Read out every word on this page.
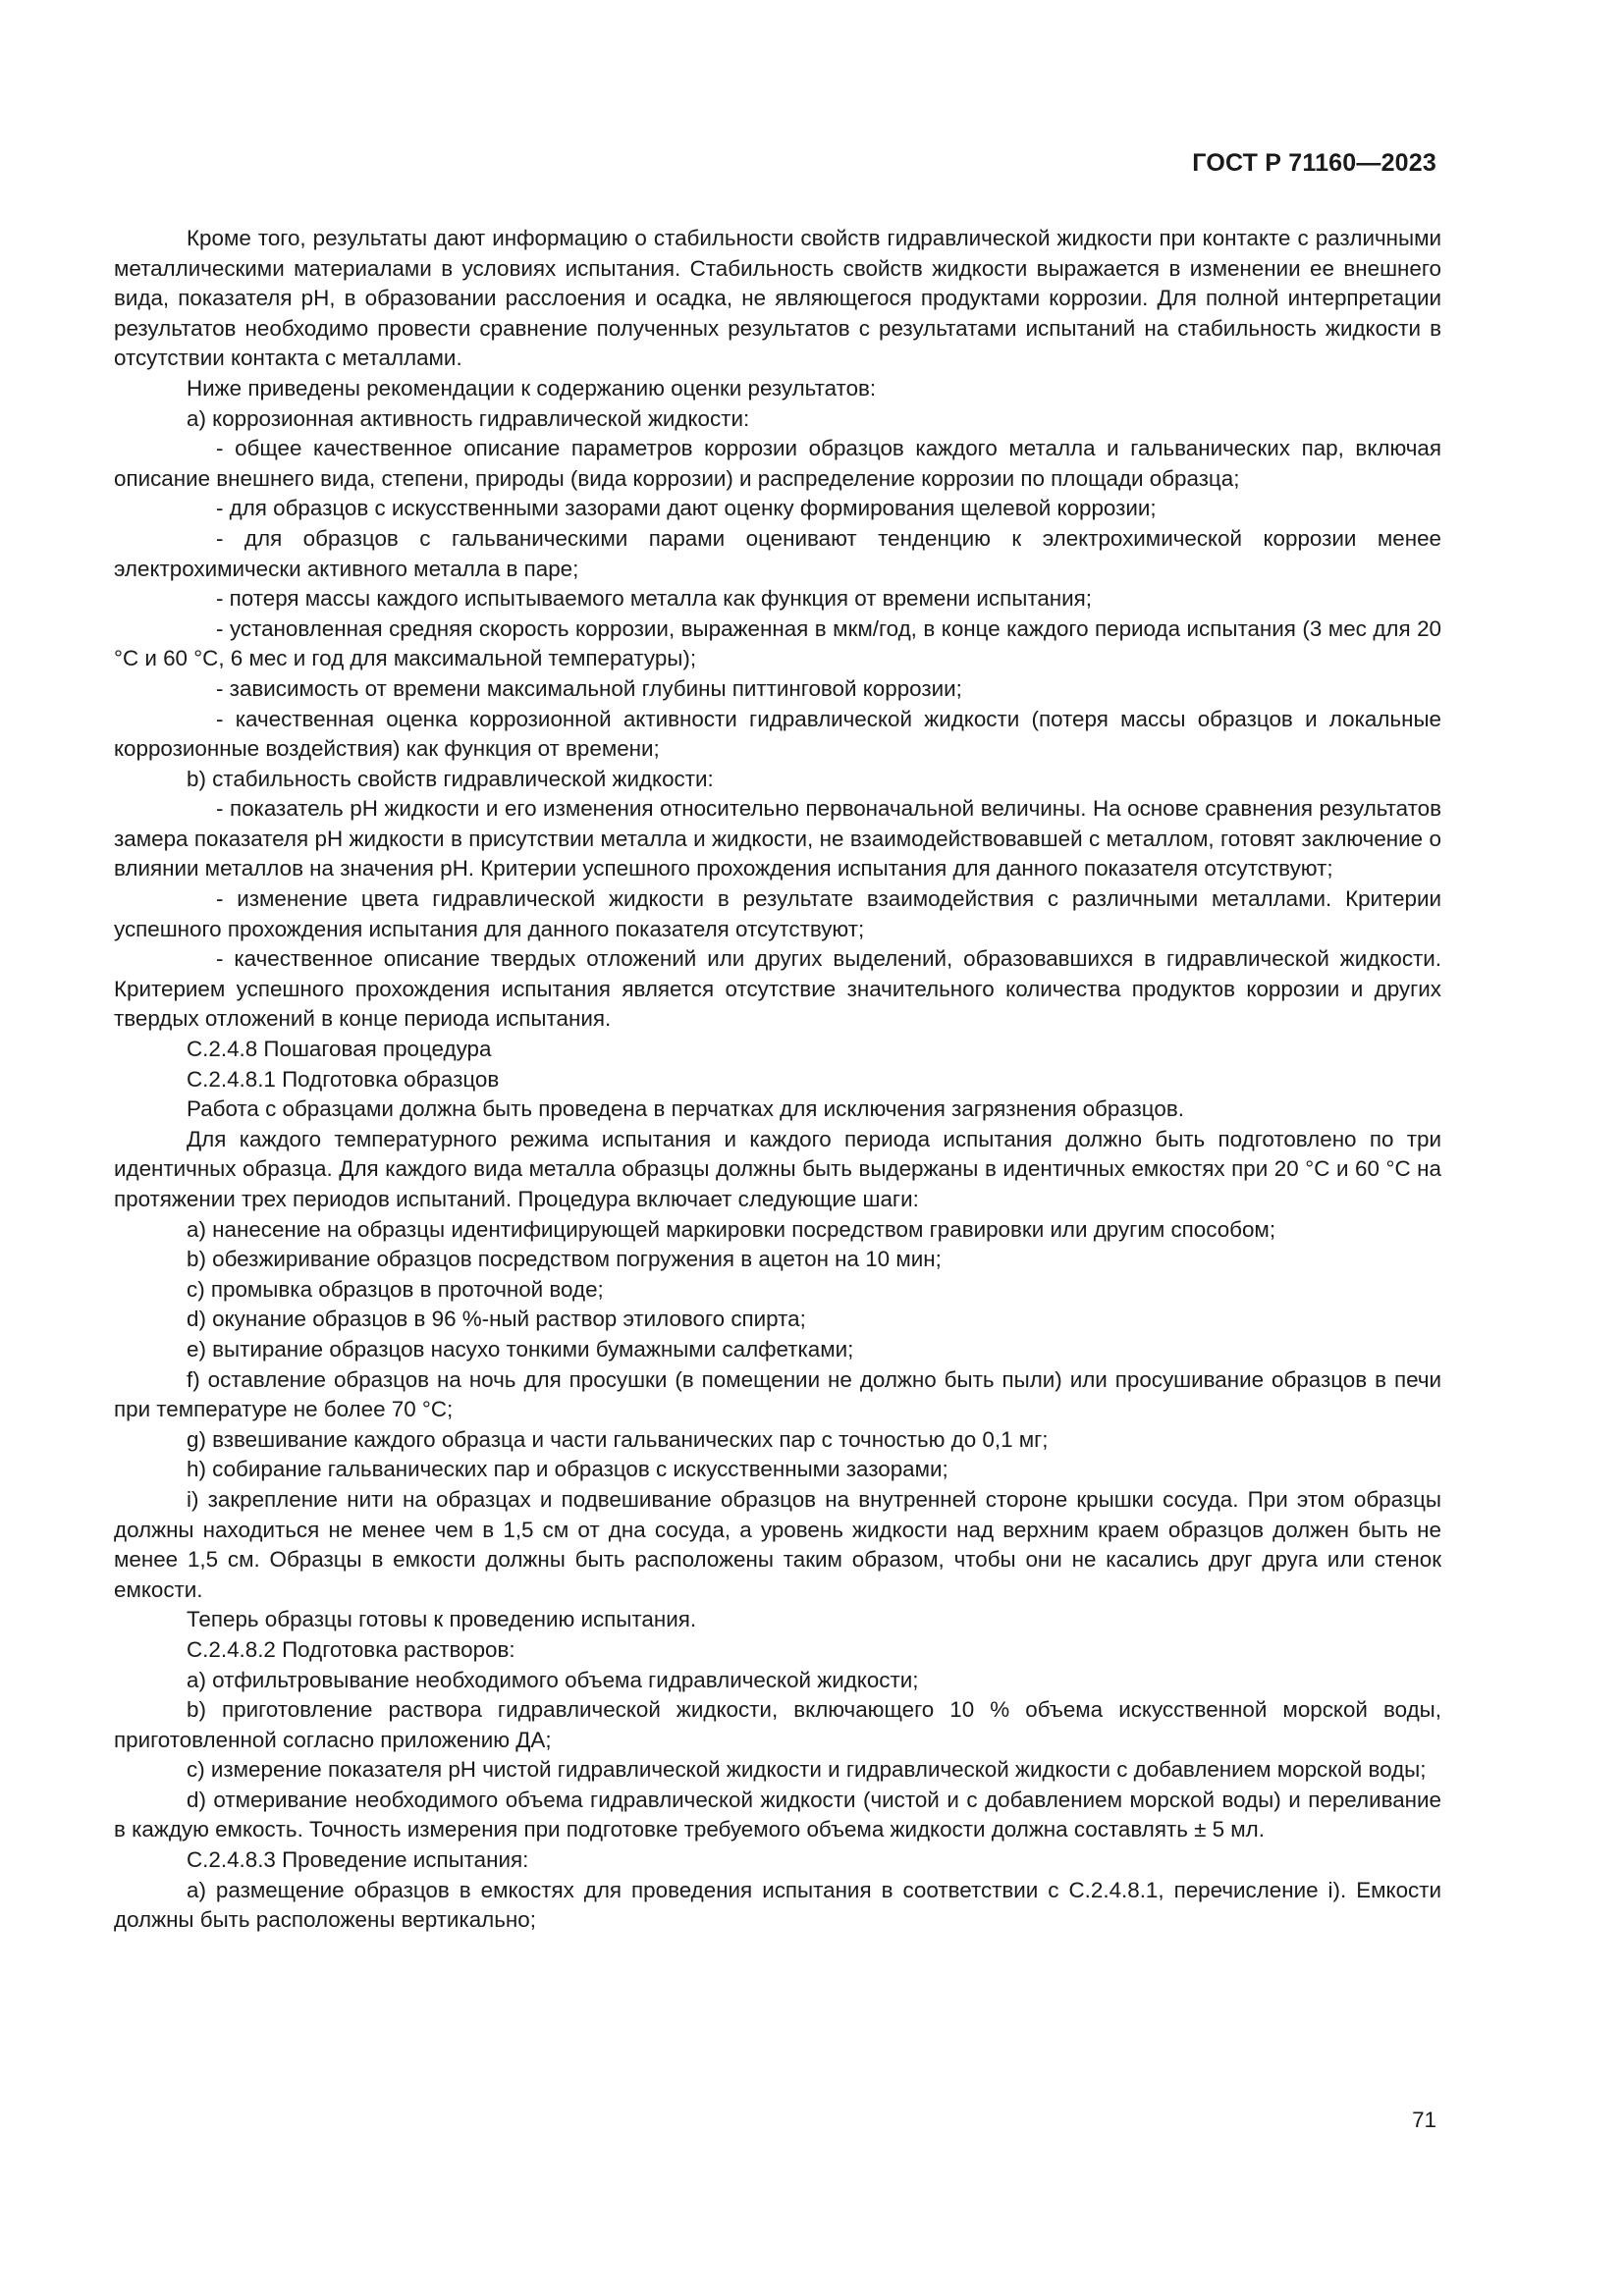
ГОСТ Р 71160—2023

Кроме того, результаты дают информацию о стабильности свойств гидравлической жидкости при контакте с различными металлическими материалами в условиях испытания. Стабильность свойств жидкости выражается в изменении ее внешнего вида, показателя рН, в образовании расслоения и осадка, не являющегося продуктами коррозии. Для полной интерпретации результатов необходимо провести сравнение полученных результатов с результатами испытаний на стабильность жидкости в отсутствии контакта с металлами.

Ниже приведены рекомендации к содержанию оценки результатов:

a) коррозионная активность гидравлической жидкости:

- общее качественное описание параметров коррозии образцов каждого металла и гальванических пар, включая описание внешнего вида, степени, природы (вида коррозии) и распределение коррозии по площади образца;

- для образцов с искусственными зазорами дают оценку формирования щелевой коррозии;

- для образцов с гальваническими парами оценивают тенденцию к электрохимической коррозии менее электрохимически активного металла в паре;

- потеря массы каждого испытываемого металла как функция от времени испытания;

- установленная средняя скорость коррозии, выраженная в мкм/год, в конце каждого периода испытания (3 мес для 20 °С и 60 °С, 6 мес и год для максимальной температуры);

- зависимость от времени максимальной глубины питтинговой коррозии;

- качественная оценка коррозионной активности гидравлической жидкости (потеря массы образцов и локальные коррозионные воздействия) как функция от времени;

b) стабильность свойств гидравлической жидкости:

- показатель рН жидкости и его изменения относительно первоначальной величины. На основе сравнения результатов замера показателя рН жидкости в присутствии металла и жидкости, не взаимодействовавшей с металлом, готовят заключение о влиянии металлов на значения рН. Критерии успешного прохождения испытания для данного показателя отсутствуют;

- изменение цвета гидравлической жидкости в результате взаимодействия с различными металлами. Критерии успешного прохождения испытания для данного показателя отсутствуют;

- качественное описание твердых отложений или других выделений, образовавшихся в гидравлической жидкости. Критерием успешного прохождения испытания является отсутствие значительного количества продуктов коррозии и других твердых отложений в конце периода испытания.

С.2.4.8 Пошаговая процедура

С.2.4.8.1 Подготовка образцов

Работа с образцами должна быть проведена в перчатках для исключения загрязнения образцов.

Для каждого температурного режима испытания и каждого периода испытания должно быть подготовлено по три идентичных образца. Для каждого вида металла образцы должны быть выдержаны в идентичных емкостях при 20 °С и 60 °С на протяжении трех периодов испытаний. Процедура включает следующие шаги:

a) нанесение на образцы идентифицирующей маркировки посредством гравировки или другим способом;

b) обезжиривание образцов посредством погружения в ацетон на 10 мин;

c) промывка образцов в проточной воде;

d) окунание образцов в 96 %-ный раствор этилового спирта;

e) вытирание образцов насухо тонкими бумажными салфетками;

f) оставление образцов на ночь для просушки (в помещении не должно быть пыли) или просушивание образцов в печи при температуре не более 70 °С;

g) взвешивание каждого образца и части гальванических пар с точностью до 0,1 мг;

h) собирание гальванических пар и образцов с искусственными зазорами;

i) закрепление нити на образцах и подвешивание образцов на внутренней стороне крышки сосуда. При этом образцы должны находиться не менее чем в 1,5 см от дна сосуда, а уровень жидкости над верхним краем образцов должен быть не менее 1,5 см. Образцы в емкости должны быть расположены таким образом, чтобы они не касались друг друга или стенок емкости.

Теперь образцы готовы к проведению испытания.

С.2.4.8.2 Подготовка растворов:

a) отфильтровывание необходимого объема гидравлической жидкости;

b) приготовление раствора гидравлической жидкости, включающего 10 % объема искусственной морской воды, приготовленной согласно приложению ДА;

c) измерение показателя рН чистой гидравлической жидкости и гидравлической жидкости с добавлением морской воды;

d) отмеривание необходимого объема гидравлической жидкости (чистой и с добавлением морской воды) и переливание в каждую емкость. Точность измерения при подготовке требуемого объема жидкости должна составлять ± 5 мл.

С.2.4.8.3 Проведение испытания:

a) размещение образцов в емкостях для проведения испытания в соответствии с С.2.4.8.1, перечисление i). Емкости должны быть расположены вертикально;

71
